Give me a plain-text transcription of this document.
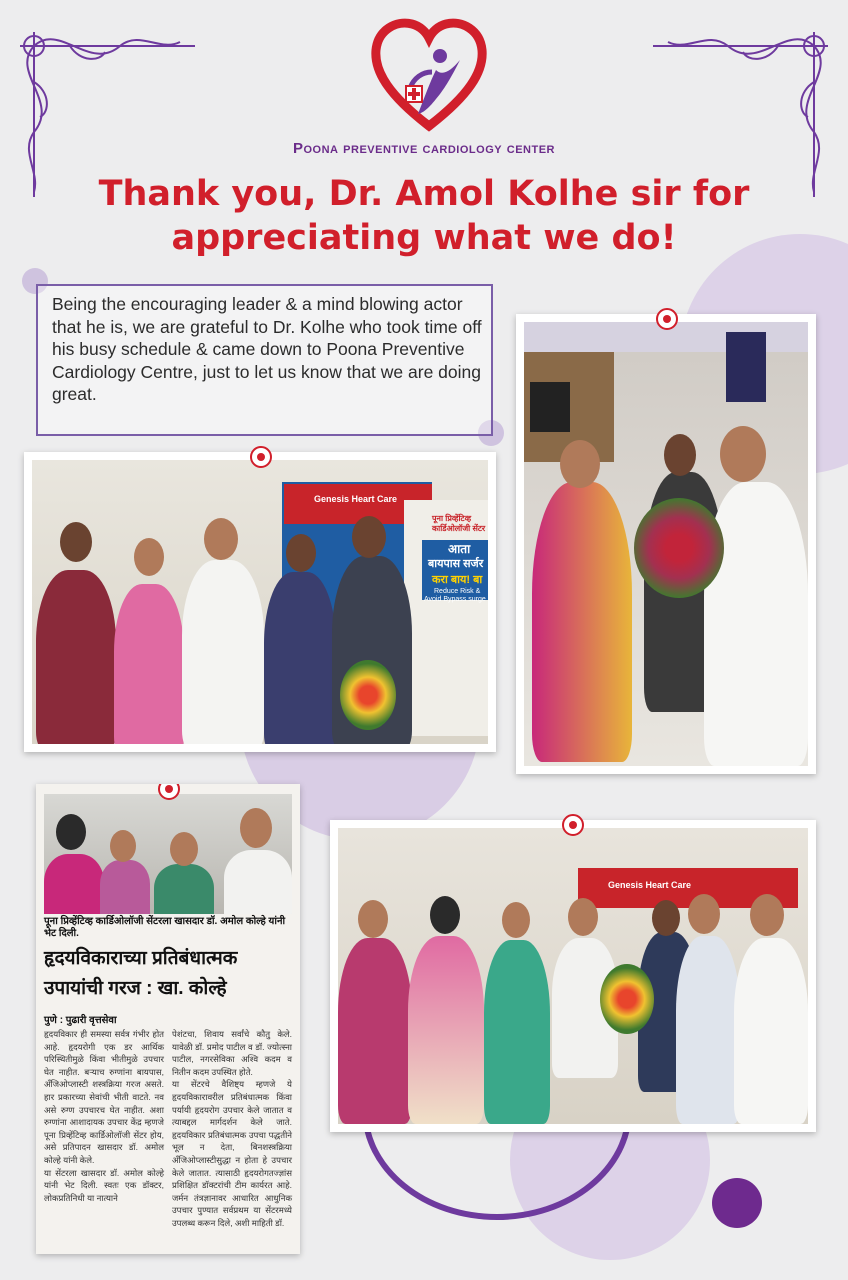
Poona preventive cardiology center
Thank you, Dr. Amol Kolhe sir for appreciating what we do!

Being the encouraging leader & a mind blowing actor that he is, we are grateful to Dr. Kolhe who took time off his busy schedule & came down to Poona Preventive Cardiology Centre, just to let us know that we are doing great.

Genesis Heart Care
पूना प्रिव्हेंटिव्ह कार्डिओलॉजी सेंटर
आता
बायपास सर्जर
करा बाय! बा
Reduce Risk &
Avoid Bypass surge
पूना प्रिव्हेंटिव्ह कार्डिओलॉजी सेंटरला खासदार डॉ. अमोल कोल्हे यांनी भेट दिली.
हृदयविकाराच्या प्रतिबंधात्मक
उपायांची गरज : खा. कोल्हे
पुणे : पुढारी वृत्तसेवा
हृदयविकार ही समस्या सर्वत्र गंभीर होत आहे. हृदयरोगी एक डर आर्थिक परिस्थितीमुळे किंवा भीतीमुळे उपचार घेत नाहीत. बऱ्याच रुग्णांना बायपास, अँजिओप्लास्टी शस्त्रक्रिया गरज असते. हार प्रकारच्या सेवांची भीती वाटते. नव असे रुग्ण उपचारच घेत नाहीत. अशा रुग्णांना आशादायक उपचार केंद्र म्हणजे पूना प्रिव्हेंटिव्ह कार्डिओलॉजी सेंटर होय, असे प्रतिपादन खासदार डॉ. अमोल कोल्हे यांनी केले.
या सेंटरला खासदार डॉ. अमोल कोल्हे यांनी भेट दिली. स्वतः एक डॉक्टर, लोकप्रतिनिधी या नात्याने
पेशंटचा, शिवाय सर्वांचे कौतु केले. यावेळी डॉ. प्रमोद पाटील व डॉ. ज्योत्स्ना पाटील, नगरसेविका अश्वि कदम व नितीन कदम उपस्थित होते.
या सेंटरचे वैशिष्ट्य म्हणजे ये हृदयविकारावरील प्रतिबंधात्मक किंवा पर्यायी हृदयरोग उपचार केले जातात व त्याबद्दल मार्गदर्शन केले जाते. हृदयविकार प्रतिबंधात्मक उपचा पद्धतीने भूल न देता, बिनशस्त्रक्रिया अँजिओप्लास्टीसुद्धा न होता हे उपचार केले जातात. त्यासाठी हृदयरोगतज्ज्ञांस प्रशिक्षित डॉक्टरांची टीम कार्यरत आहे. जर्मन तंत्रज्ञानावर आधारित आधुनिक उपचार पुण्यात सर्वप्रथम या सेंटरमध्ये उपलब्ध करून दिले, अशी माहिती डॉ.
Genesis Heart Care
